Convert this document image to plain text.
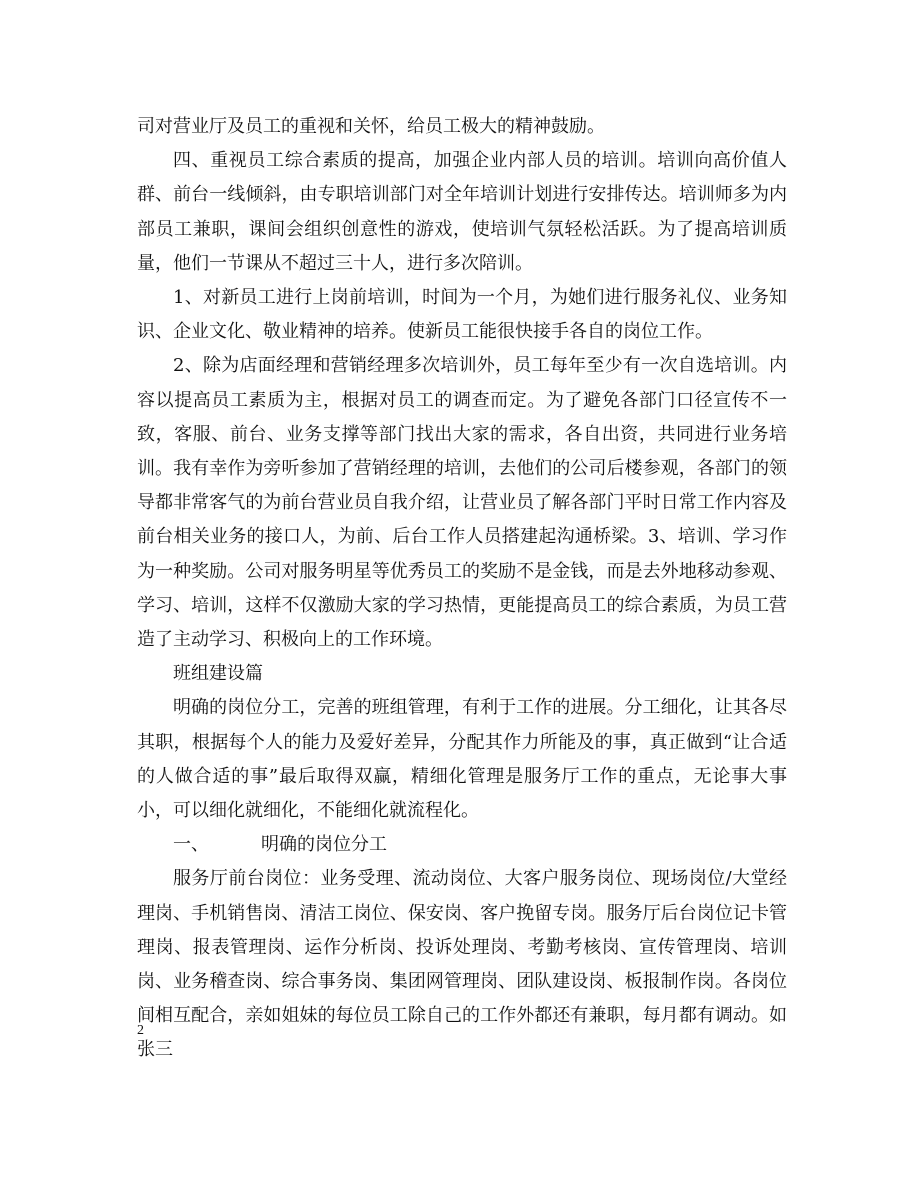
司对营业厅及员工的重视和关怀，给员工极大的精神鼓励。

四、重视员工综合素质的提高，加强企业内部人员的培训。培训向高价值人群、前台一线倾斜，由专职培训部门对全年培训计划进行安排传达。培训师多为内部员工兼职，课间会组织创意性的游戏，使培训气氛轻松活跃。为了提高培训质量，他们一节课从不超过三十人，进行多次陪训。

1、对新员工进行上岗前培训，时间为一个月，为她们进行服务礼仪、业务知识、企业文化、敬业精神的培养。使新员工能很快接手各自的岗位工作。

2、除为店面经理和营销经理多次培训外，员工每年至少有一次自选培训。内容以提高员工素质为主，根据对员工的调查而定。为了避免各部门口径宣传不一致，客服、前台、业务支撑等部门找出大家的需求，各自出资，共同进行业务培训。我有幸作为旁听参加了营销经理的培训，去他们的公司后楼参观，各部门的领导都非常客气的为前台营业员自我介绍，让营业员了解各部门平时日常工作内容及前台相关业务的接口人，为前、后台工作人员搭建起沟通桥梁。3、培训、学习作为一种奖励。公司对服务明星等优秀员工的奖励不是金钱，而是去外地移动参观、学习、培训，这样不仅激励大家的学习热情，更能提高员工的综合素质，为员工营造了主动学习、积极向上的工作环境。

班组建设篇

明确的岗位分工，完善的班组管理，有利于工作的进展。分工细化，让其各尽其职，根据每个人的能力及爱好差异，分配其作力所能及的事，真正做到“让合适的人做合适的事”最后取得双赢，精细化管理是服务厅工作的重点，无论事大事小，可以细化就细化，不能细化就流程化。

一、	明确的岗位分工

服务厅前台岗位：业务受理、流动岗位、大客户服务岗位、现场岗位/大堂经理岗、手机销售岗、清洁工岗位、保安岗、客户挽留专岗。服务厅后台岗位记卡管理岗、报表管理岗、运作分析岗、投诉处理岗、考勤考核岗、宣传管理岗、培训岗、业务稽查岗、综合事务岗、集团网管理岗、团队建设岗、板报制作岗。各岗位间相互配合，亲如姐妹的每位员工除自己的工作外都还有兼职，每月都有调动。如张三

2
